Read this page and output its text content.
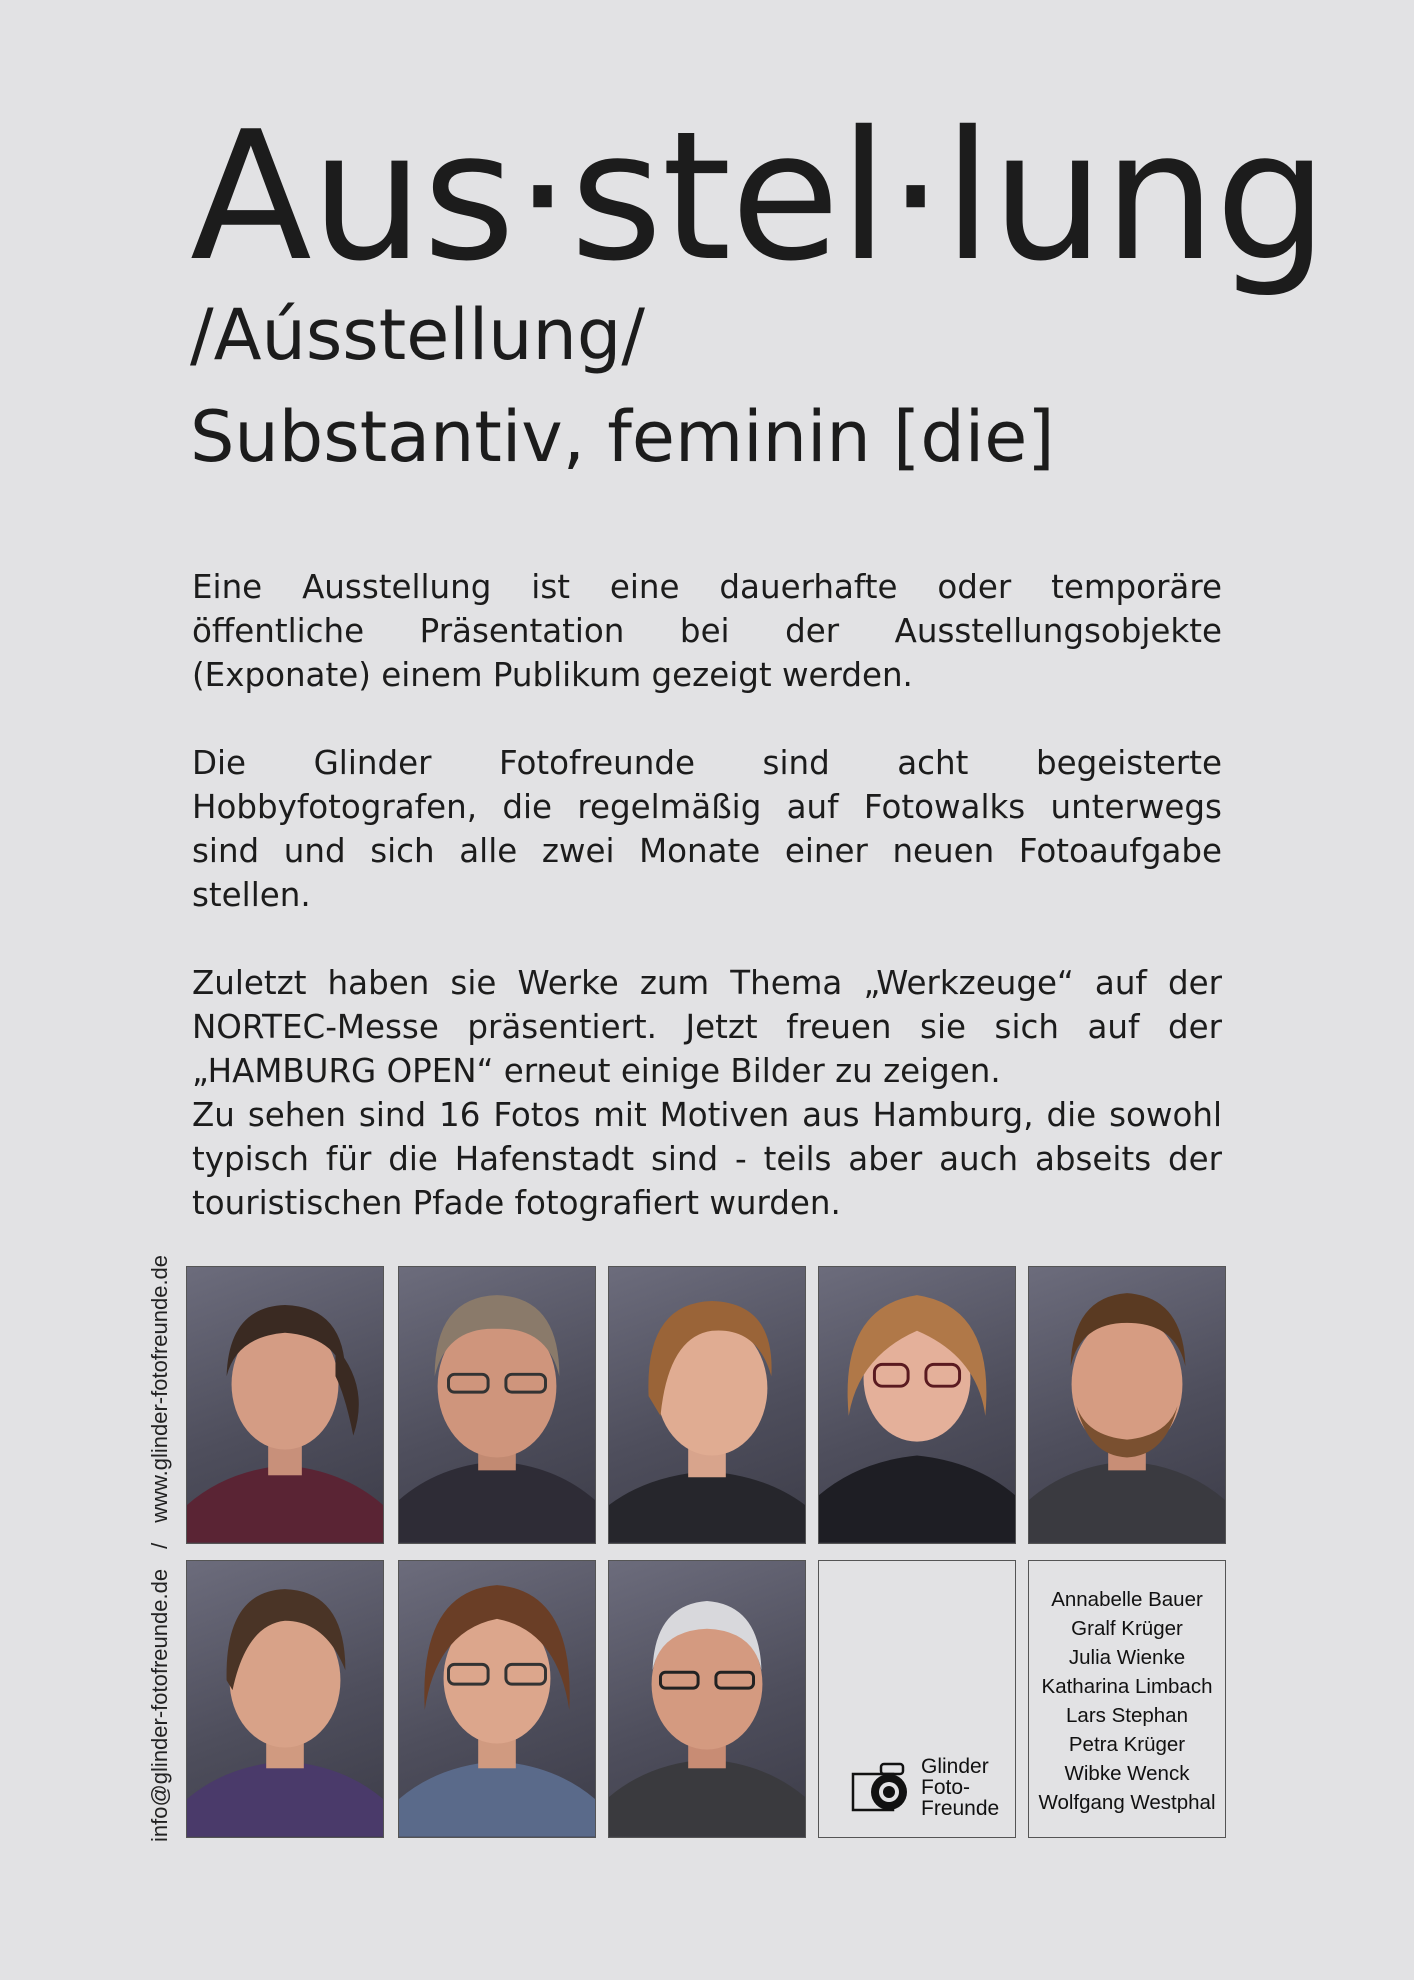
Aus·stel·lung
/Aússtellung/
Substantiv, feminin [die]

Eine Ausstellung ist eine dauerhafte oder temporäre öffentliche Präsentation bei der Ausstellungsobjekte (Exponate) einem Publikum gezeigt werden.

Die Glinder Fotofreunde sind acht begeisterte Hobbyfotografen, die regelmäßig auf Fotowalks unterwegs sind und sich alle zwei Monate einer neuen Fotoaufgabe stellen.

Zuletzt haben sie Werke zum Thema „Werkzeuge“ auf der NORTEC-Messe präsentiert. Jetzt freuen sie sich auf der „HAMBURG OPEN“ erneut einige Bilder zu zeigen.

Zu sehen sind 16 Fotos mit Motiven aus Hamburg, die sowohl typisch für die Hafenstadt sind - teils aber auch abseits der touristischen Pfade fotografiert wurden.

info@glinder-fotofreunde.de/www.glinder-fotofreunde.de
Glinder
Foto-
Freunde
Annabelle Bauer
Gralf Krüger
Julia Wienke
Katharina Limbach
Lars Stephan
Petra Krüger
Wibke Wenck
Wolfgang Westphal
